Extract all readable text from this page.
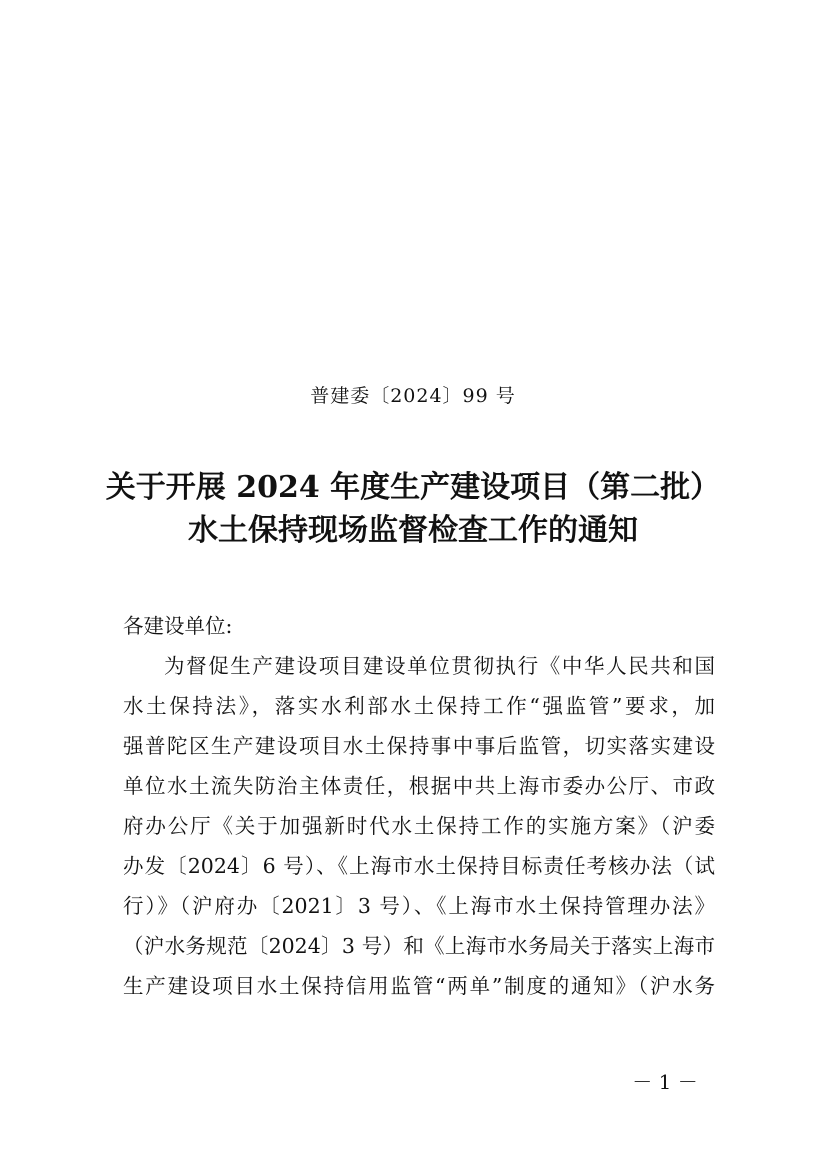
普建委〔2024〕99 号
关于开展 2024 年度生产建设项目（第二批）
水土保持现场监督检查工作的通知
各建设单位:
为督促生产建设项目建设单位贯彻执行《中华人民共和国
水土保持法》，落实水利部水土保持工作“强监管”要求，加
强普陀区生产建设项目水土保持事中事后监管，切实落实建设
单位水土流失防治主体责任，根据中共上海市委办公厅、市政
府办公厅《关于加强新时代水土保持工作的实施方案》（沪委
办发〔2024〕6 号）、《上海市水土保持目标责任考核办法（试
行）》（沪府办〔2021〕3 号）、《上海市水土保持管理办法》
（沪水务规范〔2024〕3 号）和《上海市水务局关于落实上海市
生产建设项目水土保持信用监管“两单”制度的通知》（沪水务
－ 1 －
